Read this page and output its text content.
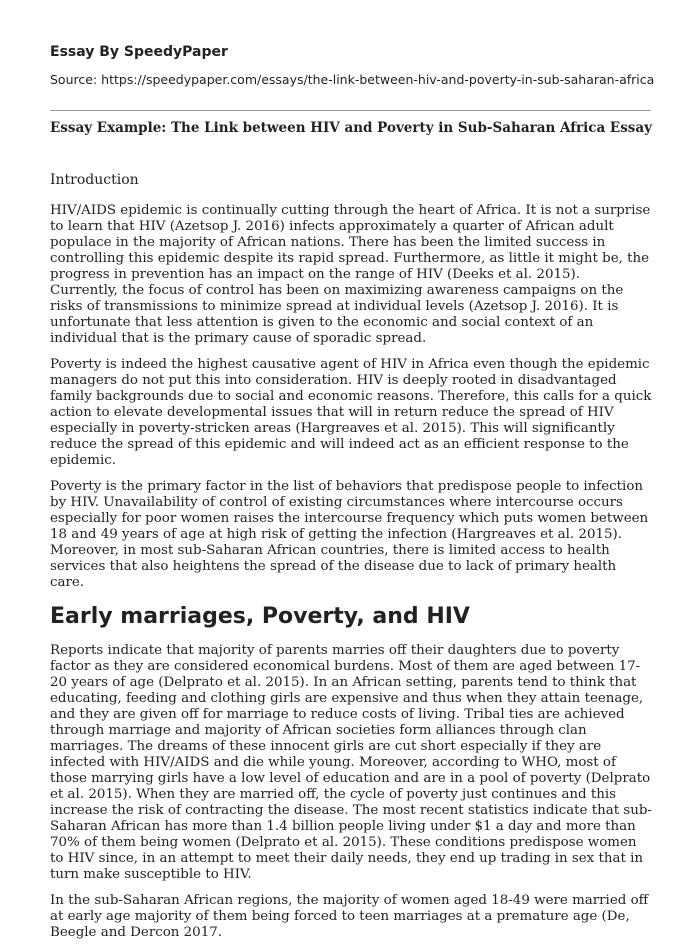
Essay By SpeedyPaper

Source: https://speedypaper.com/essays/the-link-between-hiv-and-poverty-in-sub-saharan-africa

Essay Example: The Link between HIV and Poverty in Sub-Saharan Africa Essay

Introduction

HIV/AIDS epidemic is continually cutting through the heart of Africa. It is not a surprise to learn that HIV (Azetsop J. 2016) infects approximately a quarter of African adult populace in the majority of African nations. There has been the limited success in controlling this epidemic despite its rapid spread. Furthermore, as little it might be, the progress in prevention has an impact on the range of HIV (Deeks et al. 2015). Currently, the focus of control has been on maximizing awareness campaigns on the risks of transmissions to minimize spread at individual levels (Azetsop J. 2016). It is unfortunate that less attention is given to the economic and social context of an individual that is the primary cause of sporadic spread.

Poverty is indeed the highest causative agent of HIV in Africa even though the epidemic managers do not put this into consideration. HIV is deeply rooted in disadvantaged family backgrounds due to social and economic reasons. Therefore, this calls for a quick action to elevate developmental issues that will in return reduce the spread of HIV especially in poverty-stricken areas (Hargreaves et al. 2015). This will significantly reduce the spread of this epidemic and will indeed act as an efficient response to the epidemic.

Poverty is the primary factor in the list of behaviors that predispose people to infection by HIV. Unavailability of control of existing circumstances where intercourse occurs especially for poor women raises the intercourse frequency which puts women between 18 and 49 years of age at high risk of getting the infection (Hargreaves et al. 2015). Moreover, in most sub-Saharan African countries, there is limited access to health services that also heightens the spread of the disease due to lack of primary health care.

Early marriages, Poverty, and HIV

Reports indicate that majority of parents marries off their daughters due to poverty factor as they are considered economical burdens. Most of them are aged between 17-20 years of age (Delprato et al. 2015). In an African setting, parents tend to think that educating, feeding and clothing girls are expensive and thus when they attain teenage, and they are given off for marriage to reduce costs of living. Tribal ties are achieved through marriage and majority of African societies form alliances through clan marriages. The dreams of these innocent girls are cut short especially if they are infected with HIV/AIDS and die while young. Moreover, according to WHO, most of those marrying girls have a low level of education and are in a pool of poverty (Delprato et al. 2015). When they are married off, the cycle of poverty just continues and this increase the risk of contracting the disease. The most recent statistics indicate that sub-Saharan African has more than 1.4 billion people living under $1 a day and more than 70% of them being women (Delprato et al. 2015). These conditions predispose women to HIV since, in an attempt to meet their daily needs, they end up trading in sex that in turn make susceptible to HIV.

In the sub-Saharan African regions, the majority of women aged 18-49 were married off at early age majority of them being forced to teen marriages at a premature age (De, Beegle and Dercon 2017.
